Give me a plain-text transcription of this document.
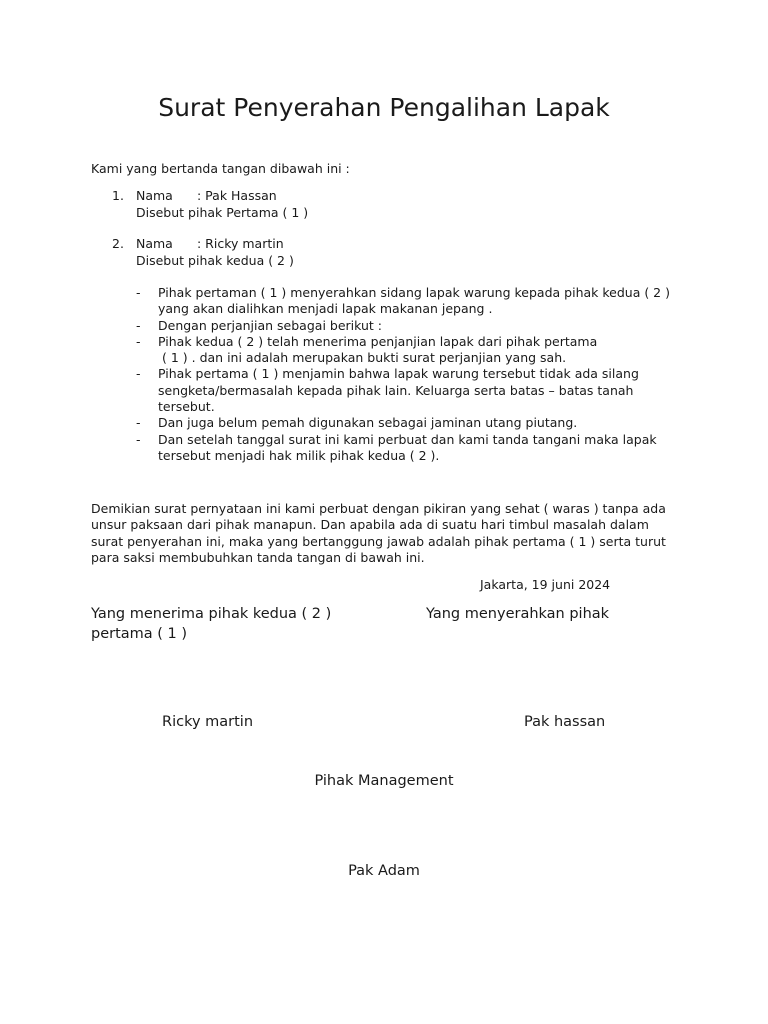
Surat Penyerahan Pengalihan Lapak
Kami yang bertanda tangan dibawah ini :
1. Nama : Pak Hassan
Disebut pihak Pertama ( 1 )
2. Nama : Ricky martin
Disebut pihak kedua ( 2 )
- Pihak pertaman ( 1 ) menyerahkan sidang lapak warung kepada pihak kedua ( 2 )
yang akan dialihkan menjadi lapak makanan jepang .
- Dengan perjanjian sebagai berikut :
- Pihak kedua ( 2 ) telah menerima penjanjian lapak dari pihak pertama
( 1 ) . dan ini adalah merupakan bukti surat perjanjian yang sah.
- Pihak pertama ( 1 ) menjamin bahwa lapak warung tersebut tidak ada silang
sengketa/bermasalah kepada pihak lain. Keluarga serta batas – batas tanah
tersebut.
- Dan juga belum pemah digunakan sebagai jaminan utang piutang.
- Dan setelah tanggal surat ini kami perbuat dan kami tanda tangani maka lapak
tersebut menjadi hak milik pihak kedua ( 2 ).
Demikian surat pernyataan ini kami perbuat dengan pikiran yang sehat ( waras ) tanpa ada
unsur paksaan dari pihak manapun. Dan apabila ada di suatu hari timbul masalah dalam
surat penyerahan ini, maka yang bertanggung jawab adalah pihak pertama ( 1 ) serta turut
para saksi membubuhkan tanda tangan di bawah ini.
Jakarta, 19 juni 2024
Yang menerima pihak kedua ( 2 )
pertama ( 1 )
Yang menyerahkan pihak
Ricky martin	Pak hassan
Pihak Management
Pak Adam
